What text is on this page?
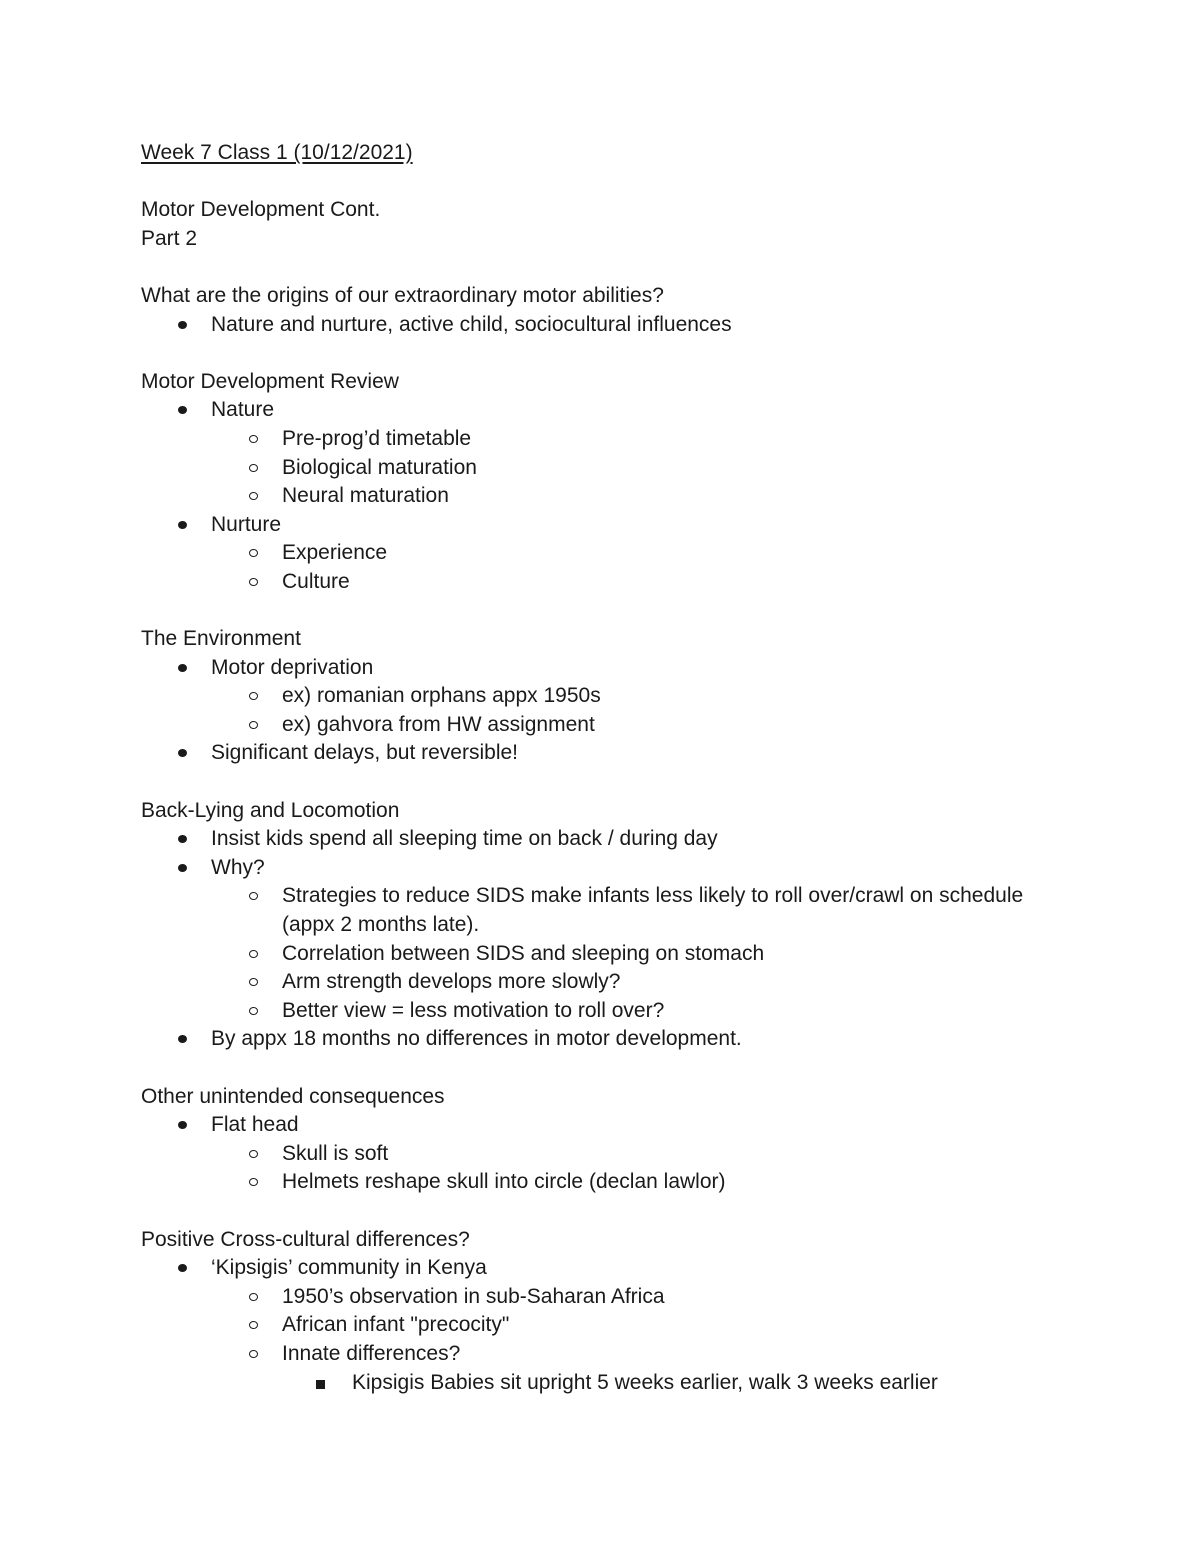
Week 7 Class 1 (10/12/2021)
Motor Development Cont.
Part 2
What are the origins of our extraordinary motor abilities?
Nature and nurture, active child, sociocultural influences
Motor Development Review
Nature
Pre-prog’d timetable
Biological maturation
Neural maturation
Nurture
Experience
Culture
The Environment
Motor deprivation
ex) romanian orphans appx 1950s
ex) gahvora from HW assignment
Significant delays, but reversible!
Back-Lying and Locomotion
Insist kids spend all sleeping time on back / during day
Why?
Strategies to reduce SIDS make infants less likely to roll over/crawl on schedule
(appx 2 months late).
Correlation between SIDS and sleeping on stomach
Arm strength develops more slowly?
Better view = less motivation to roll over?
By appx 18 months no differences in motor development.
Other unintended consequences
Flat head
Skull is soft
Helmets reshape skull into circle (declan lawlor)
Positive Cross-cultural differences?
‘Kipsigis’ community in Kenya
1950’s observation in sub-Saharan Africa
African infant "precocity"
Innate differences?
Kipsigis Babies sit upright 5 weeks earlier, walk 3 weeks earlier
